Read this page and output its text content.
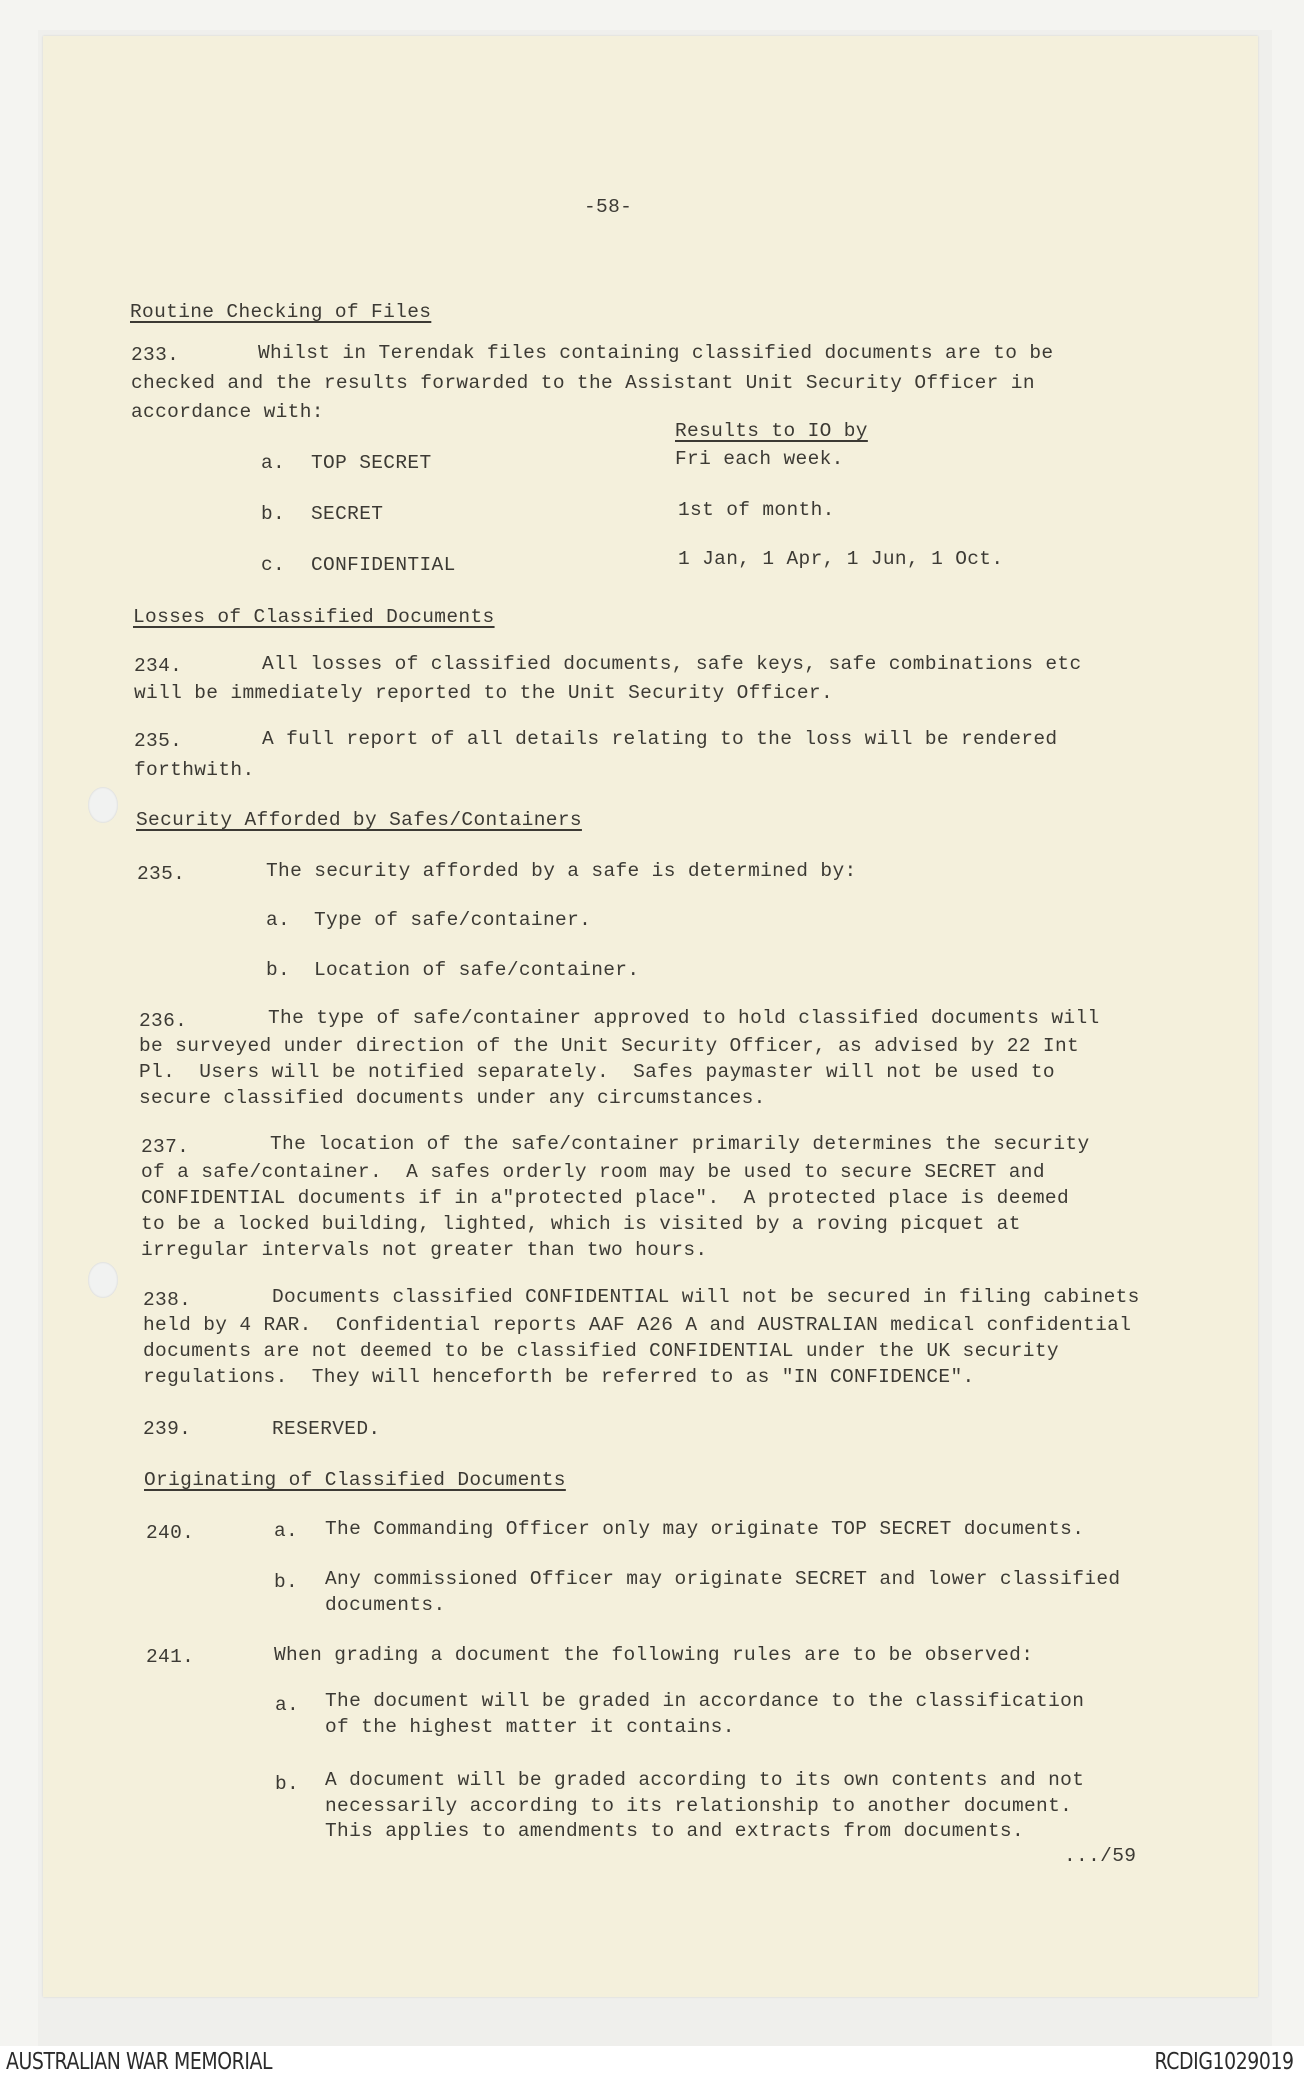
-58-
Routine Checking of Files
233.	Whilst in Terendak files containing classified documents are to be
checked and the results forwarded to the Assistant Unit Security Officer in
accordance with:
Results to IO by
a. TOP SECRET	Fri each week.
b. SECRET	1st of month.
c. CONFIDENTIAL	1 Jan, 1 Apr, 1 Jun, 1 Oct.
Losses of Classified Documents
234.	All losses of classified documents, safe keys, safe combinations etc
will be immediately reported to the Unit Security Officer.
235.	A full report of all details relating to the loss will be rendered
forthwith.
Security Afforded by Safes/Containers
235.	The security afforded by a safe is determined by:
a. Type of safe/container.
b. Location of safe/container.
236.	The type of safe/container approved to hold classified documents will
be surveyed under direction of the Unit Security Officer, as advised by 22 Int
Pl.  Users will be notified separately.  Safes paymaster will not be used to
secure classified documents under any circumstances.
237.	The location of the safe/container primarily determines the security
of a safe/container.  A safes orderly room may be used to secure SECRET and
CONFIDENTIAL documents if in a"protected place".  A protected place is deemed
to be a locked building, lighted, which is visited by a roving picquet at
irregular intervals not greater than two hours.
238.	Documents classified CONFIDENTIAL will not be secured in filing cabinets
held by 4 RAR.  Confidential reports AAF A26 A and AUSTRALIAN medical confidential
documents are not deemed to be classified CONFIDENTIAL under the UK security
regulations.  They will henceforth be referred to as "IN CONFIDENCE".
239.	RESERVED.
Originating of Classified Documents
240.	a. The Commanding Officer only may originate TOP SECRET documents.
b. Any commissioned Officer may originate SECRET and lower classified
documents.
241.	When grading a document the following rules are to be observed:
a. The document will be graded in accordance to the classification
of the highest matter it contains.
b. A document will be graded according to its own contents and not
necessarily according to its relationship to another document.
This applies to amendments to and extracts from documents.
.../59
AUSTRALIAN WAR MEMORIAL	RCDIG1029019
